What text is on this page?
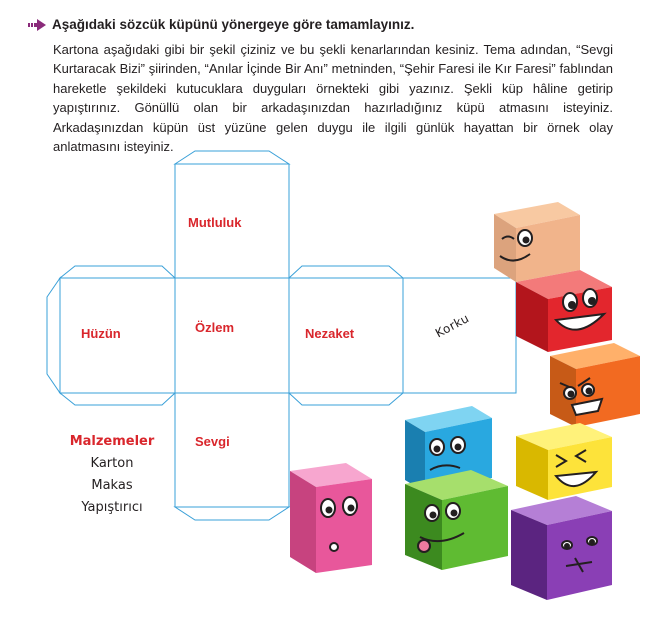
Aşağıdaki sözcük küpünü yönergeye göre tamamlayınız.

Kartona aşağıdaki gibi bir şekil çiziniz ve bu şekli kenarlarından kesiniz. Tema adından, “Sevgi Kurtaracak Bizi” şiirinden, “Anılar İçinde Bir Anı” metninden, “Şehir Faresi ile Kır Faresi” fablından hareketle şekildeki kutucuklara duyguları örnekteki gibi yazınız. Şekli küp hâline getirip yapıştırınız. Gönüllü olan bir arkadaşınızdan hazırladığınız küpü atmasını isteyiniz. Arkadaşınızdan küpün üst yüzüne gelen duygu ile ilgili günlük hayattan bir örnek olay anlatmasını isteyiniz.

Mutluluk
Hüzün	Özlem	Nezaket	Korku
Sevgi
Malzemeler
Karton
Makas
Yapıştırıcı
